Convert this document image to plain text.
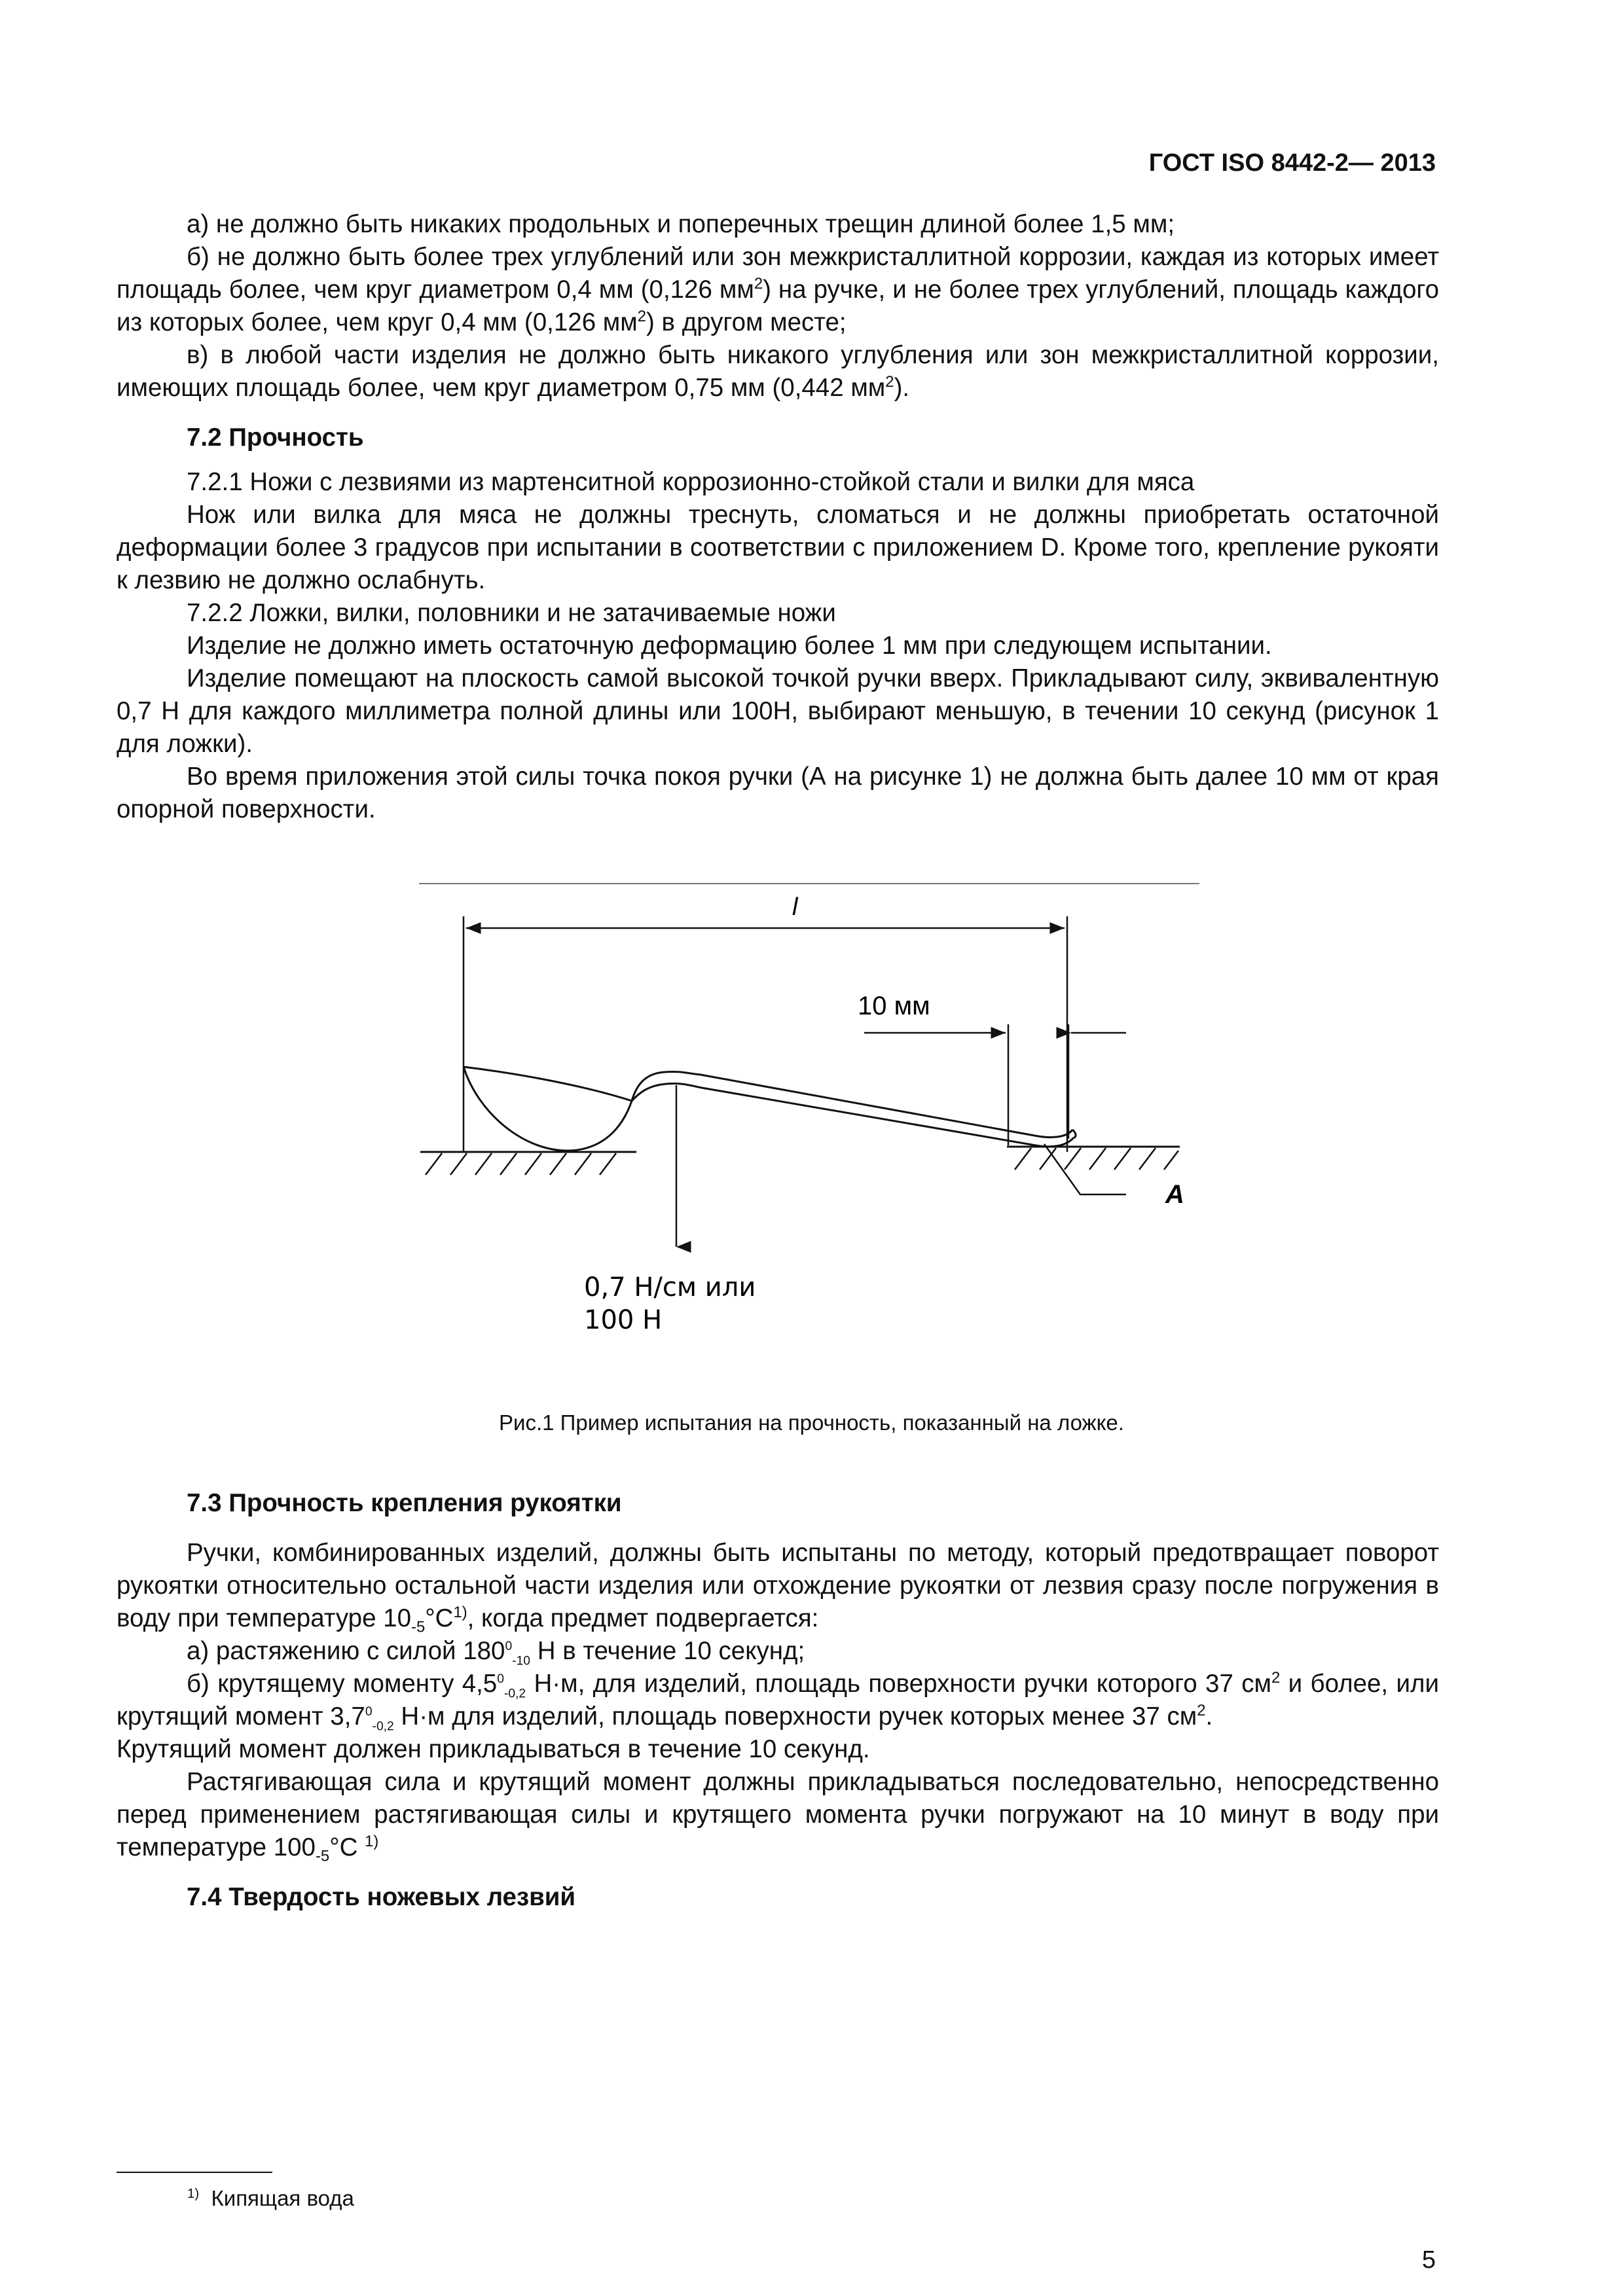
ГОСТ ISO 8442-2— 2013

а) не должно быть никаких продольных и поперечных трещин длиной более 1,5 мм;

б) не должно быть более трех углублений или зон межкристаллитной коррозии, каждая из которых имеет площадь более, чем круг диаметром 0,4 мм (0,126 $мм^2$) на ручке, и не более трех углублений, площадь каждого из которых более, чем круг 0,4 мм (0,126 $мм^2$) в другом месте;

в) в любой части изделия не должно быть никакого углубления или зон межкристаллитной коррозии, имеющих площадь более, чем круг диаметром 0,75 мм (0,442 $мм^2$).

7.2 Прочность

7.2.1 Ножи с лезвиями из мартенситной коррозионно-стойкой стали и вилки для мяса

Нож или вилка для мяса не должны треснуть, сломаться и не должны приобретать остаточной деформации более 3 градусов при испытании в соответствии с приложением D. Кроме того, крепление рукояти к лезвию не должно ослабнуть.

7.2.2 Ложки, вилки, половники и не затачиваемые ножи

Изделие не должно иметь остаточную деформацию более 1 мм при следующем испытании.

Изделие помещают на плоскость самой высокой точкой ручки вверх. Прикладывают силу, эквивалентную 0,7 Н для каждого миллиметра полной длины или 100Н, выбирают меньшую, в течении 10 секунд (рисунок 1 для ложки).

Во время приложения этой силы точка покоя ручки (А на рисунке 1) не должна быть далее 10 мм от края опорной поверхности.

l
10 мм
0,7 Н/см или
100 Н
A
Рис.1 Пример испытания на прочность, показанный на ложке.

7.3 Прочность крепления рукоятки

Ручки, комбинированных изделий, должны быть испытаны по методу, который предотвращает поворот рукоятки относительно остальной части изделия или отхождение рукоятки от лезвия сразу после погружения в воду при температуре $10_{-5}^\circ С^{1)}$, когда предмет подвергается:

а) растяжению с силой $180^0_{-10}$ Н в течение 10 секунд;

б) крутящему моменту $4,5^0_{-0,2}$ Н·м, для изделий, площадь поверхности ручки которого 37 $см^2$ и более, или крутящий момент $3,7^0_{-0,2}$ Н·м для изделий, площадь поверхности ручек которых менее 37 $см^2$.

Крутящий момент должен прикладываться в течение 10 секунд.

Растягивающая сила и крутящий момент должны прикладываться последовательно, непосредственно перед применением растягивающая силы и крутящего момента ручки погружают на 10 минут в воду при температуре $100_{-5}^\circ С$ $^{1)}$

7.4 Твердость ножевых лезвий

$^{1)}$ Кипящая вода
5
